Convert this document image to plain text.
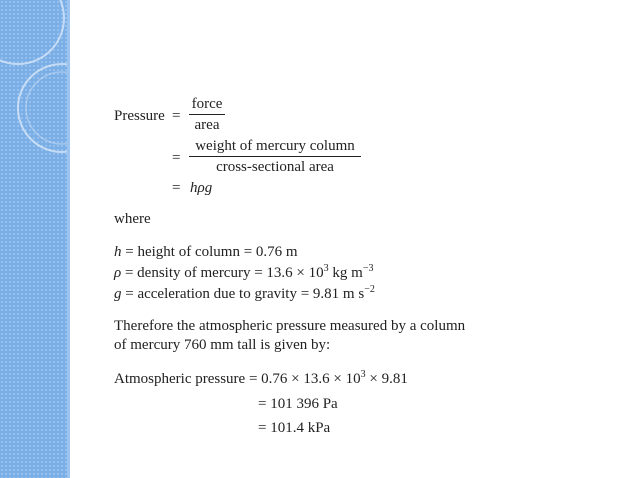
Pressure =
force
area
=
weight of mercury column
cross-sectional area
= hρg
where
h = height of column = 0.76 m
ρ = density of mercury = $13.6 \times 10^3$ kg $m^{-3}$
g = acceleration due to gravity = 9.81 m $s^{-2}$
Therefore the atmospheric pressure measured by a column
of mercury 760 mm tall is given by:
Atmospheric pressure = $0.76 \times 13.6 \times 10^3 \times 9.81$
= 101 396 Pa
= 101.4 kPa
